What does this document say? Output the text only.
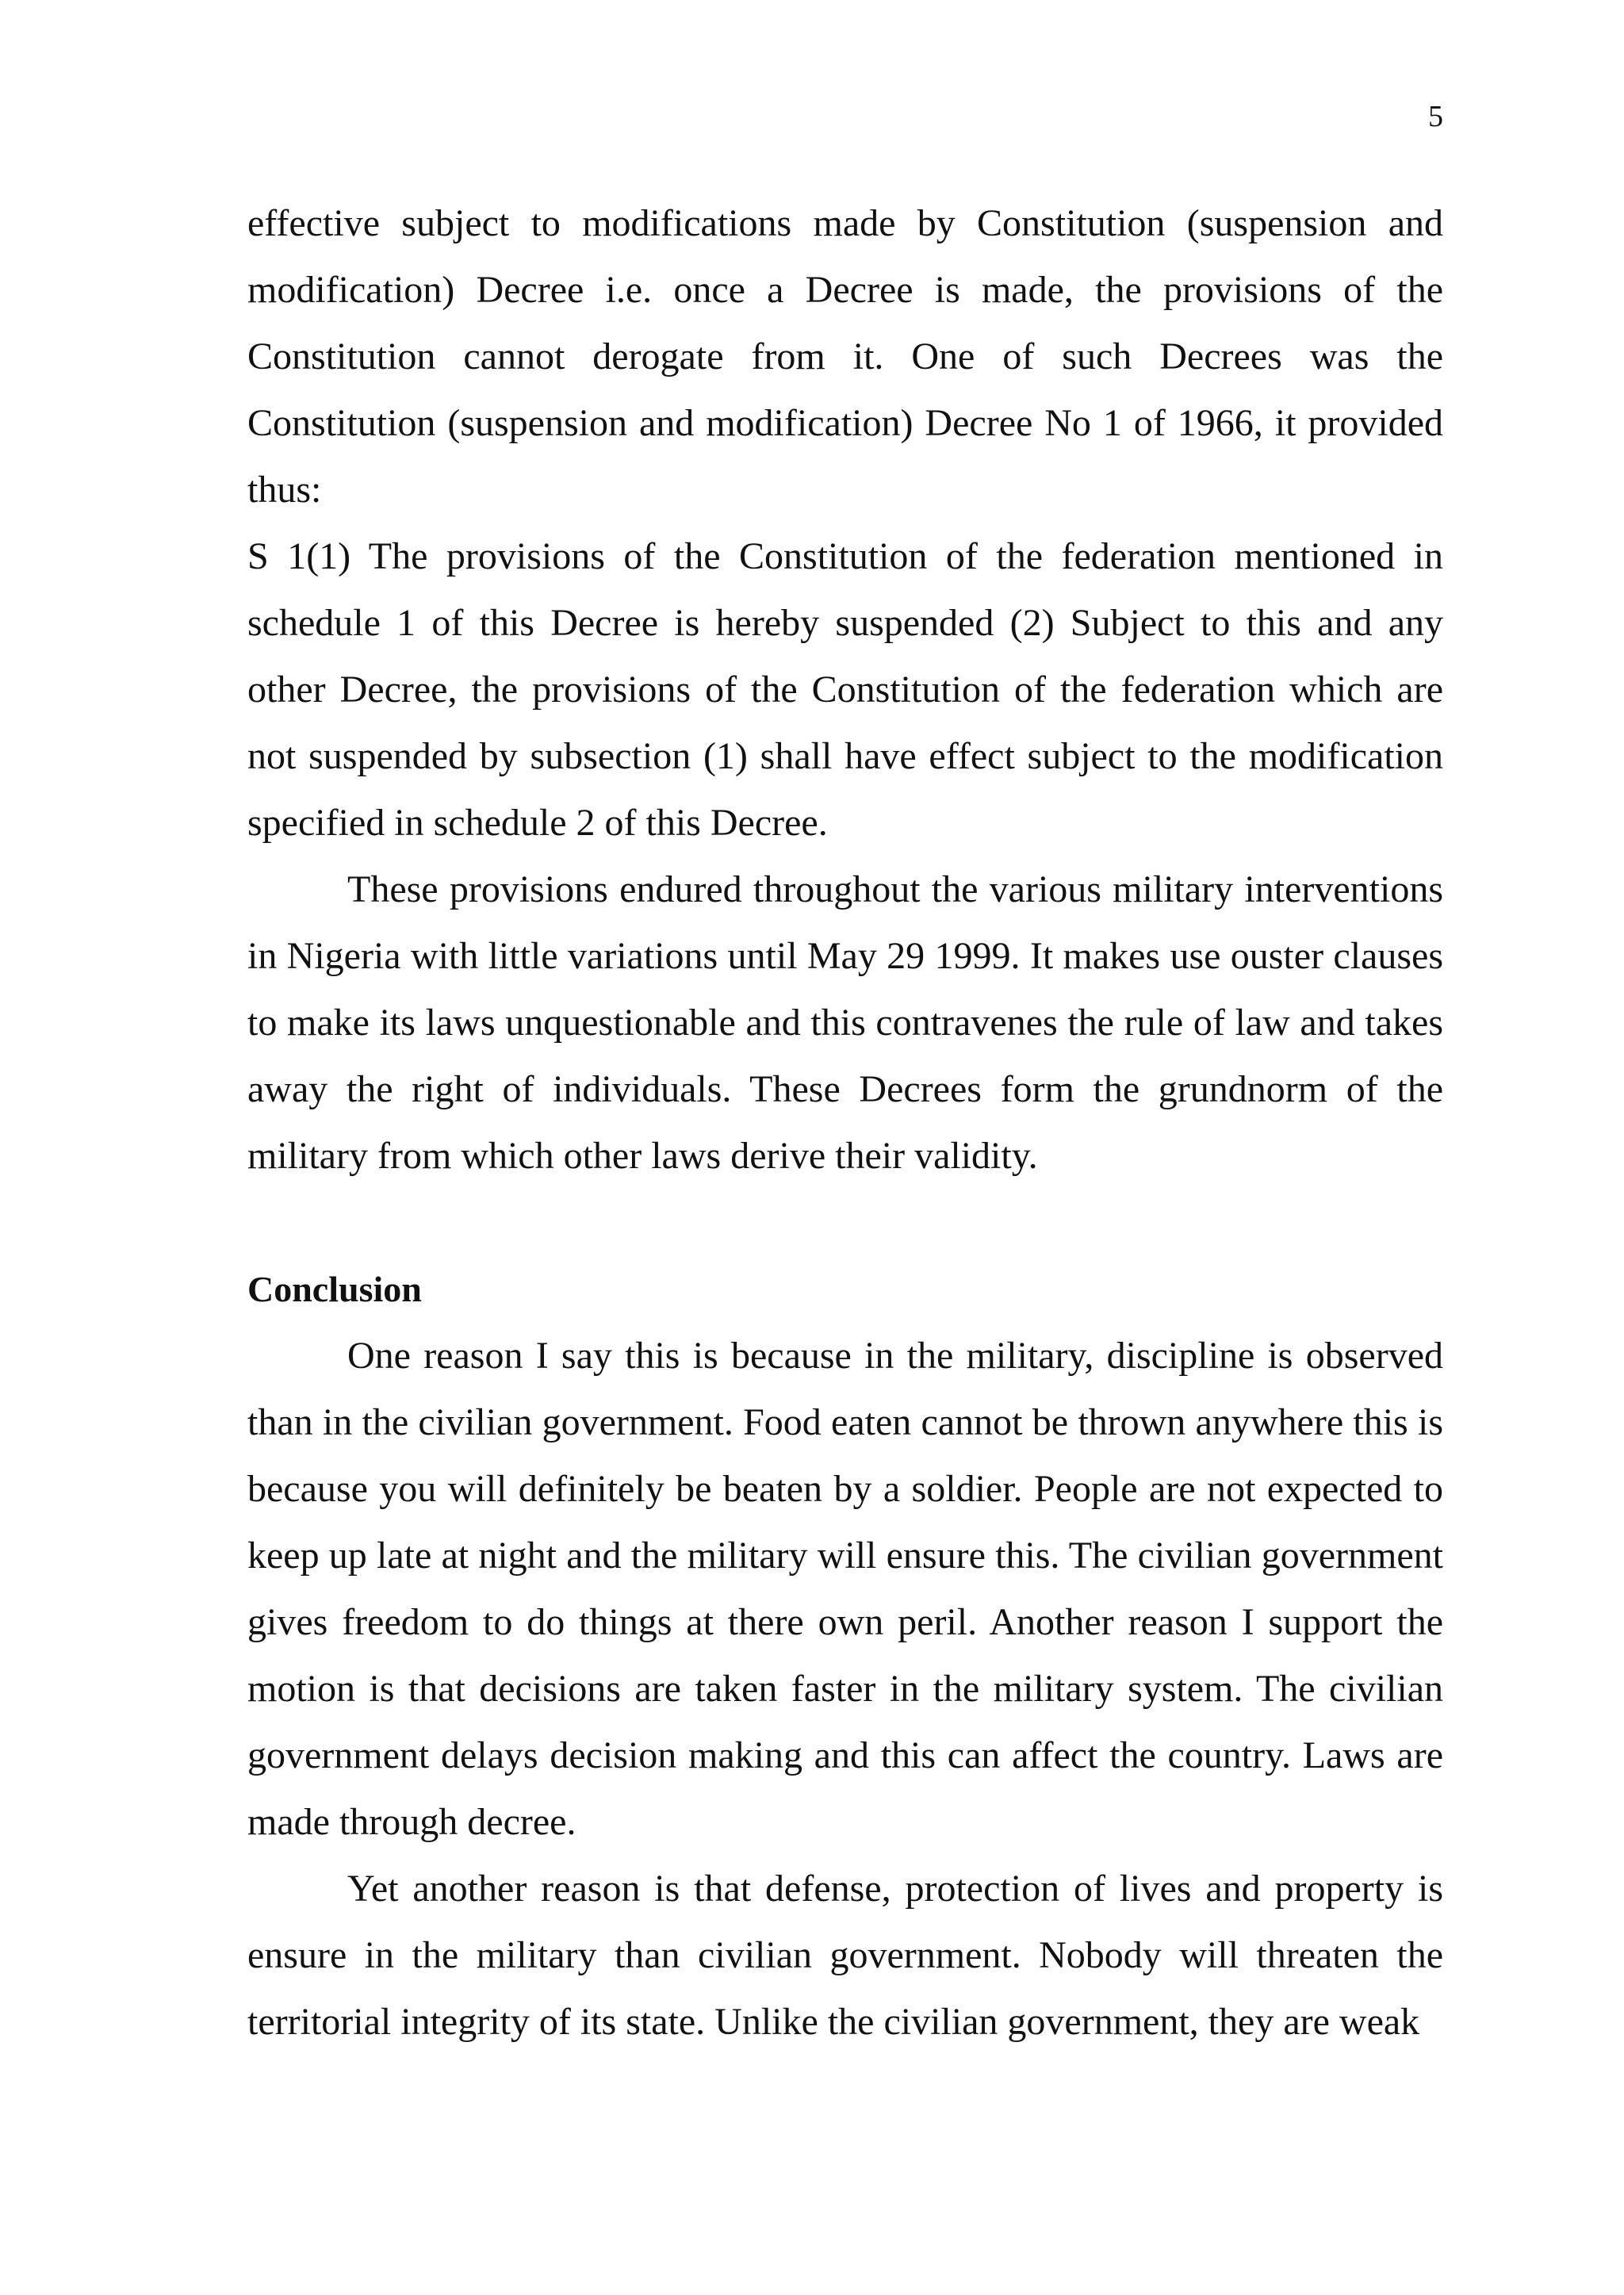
5

effective subject to modifications made by Constitution (suspension and modification) Decree i.e. once a Decree is made, the provisions of the Constitution cannot derogate from it. One of such Decrees was the Constitution (suspension and modification) Decree No 1 of 1966, it provided thus:

S 1(1) The provisions of the Constitution of the federation mentioned in schedule 1 of this Decree is hereby suspended (2) Subject to this and any other Decree, the provisions of the Constitution of the federation which are not suspended by subsection (1) shall have effect subject to the modification specified in schedule 2 of this Decree.

These provisions endured throughout the various military interventions in Nigeria with little variations until May 29 1999. It makes use ouster clauses to make its laws unquestionable and this contravenes the rule of law and takes away the right of individuals. These Decrees form the grundnorm of the military from which other laws derive their validity.

Conclusion

One reason I say this is because in the military, discipline is observed than in the civilian government. Food eaten cannot be thrown anywhere this is because you will definitely be beaten by a soldier. People are not expected to keep up late at night and the military will ensure this. The civilian government gives freedom to do things at there own peril. Another reason I support the motion is that decisions are taken faster in the military system. The civilian government delays decision making and this can affect the country. Laws are made through decree.

Yet another reason is that defense, protection of lives and property is ensure in the military than civilian government. Nobody will threaten the territorial integrity of its state. Unlike the civilian government, they are weak
